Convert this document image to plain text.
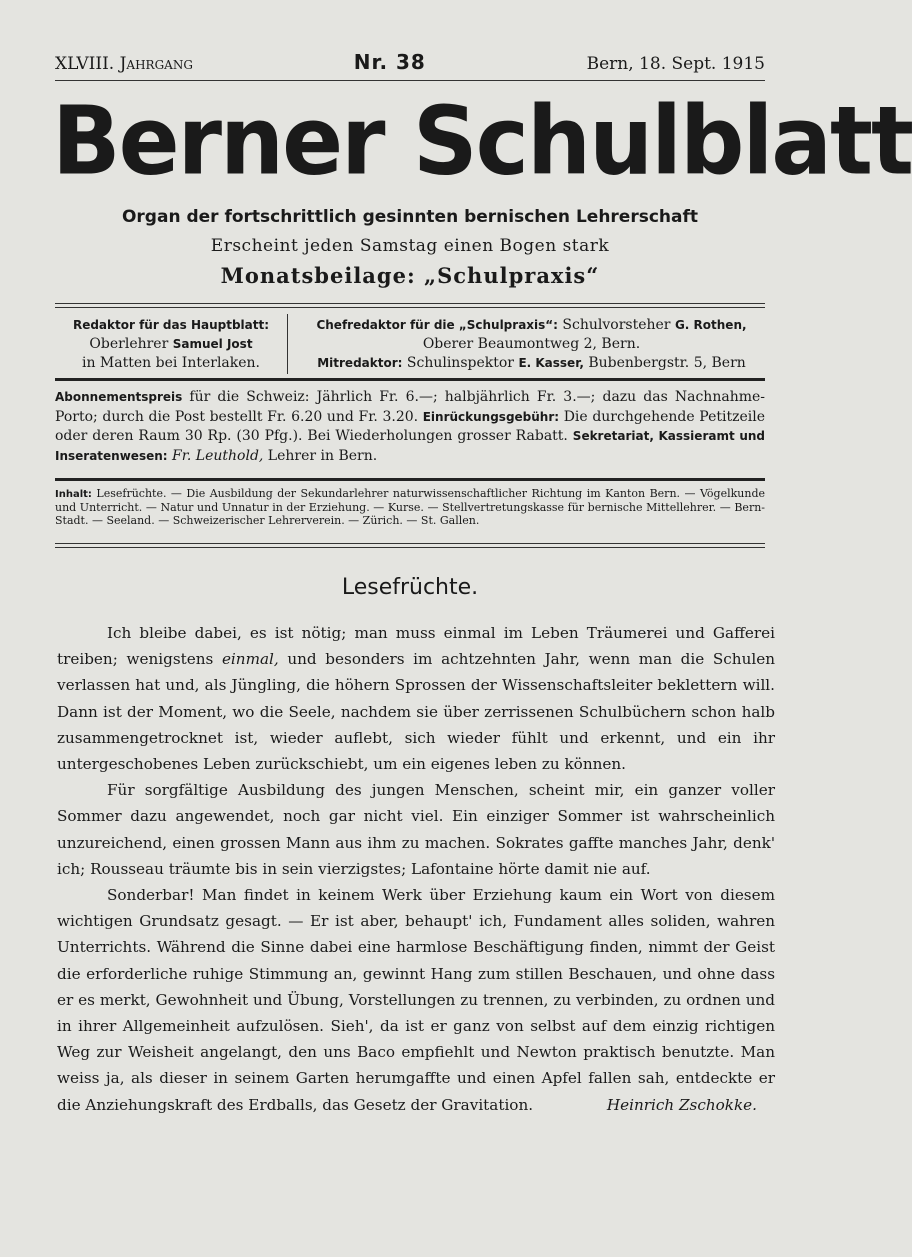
XLVIII. Jahrgang	Nr. 38	Bern, 18. Sept. 1915
Berner Schulblatt
Organ der fortschrittlich gesinnten bernischen Lehrerschaft
Erscheint jeden Samstag einen Bogen stark
Monatsbeilage: „Schulpraxis“
Redaktor für das Hauptblatt:
Oberlehrer Samuel Jost
in Matten bei Interlaken.
Chefredaktor für die „Schulpraxis“: Schulvorsteher G. Rothen,
Oberer Beaumontweg 2, Bern.
Mitredaktor: Schulinspektor E. Kasser, Bubenbergstr. 5, Bern

Abonnementspreis für die Schweiz: Jährlich Fr. 6.—; halbjährlich Fr. 3.—; dazu das Nachnahme-Porto; durch die Post bestellt Fr. 6.20 und Fr. 3.20. Einrückungsgebühr: Die durchgehende Petitzeile oder deren Raum 30 Rp. (30 Pfg.). Bei Wiederholungen grosser Rabatt. Sekretariat, Kassieramt und Inseratenwesen: Fr. Leuthold, Lehrer in Bern.

Inhalt: Lesefrüchte. — Die Ausbildung der Sekundarlehrer naturwissenschaftlicher Richtung im Kanton Bern. — Vögelkunde und Unterricht. — Natur und Unnatur in der Erziehung. — Kurse. — Stellvertretungskasse für bernische Mittellehrer. — Bern-Stadt. — Seeland. — Schweizerischer Lehrerverein. — Zürich. — St. Gallen.

Lesefrüchte.

Ich bleibe dabei, es ist nötig; man muss einmal im Leben Träumerei und Gafferei treiben; wenigstens einmal, und besonders im achtzehnten Jahr, wenn man die Schulen verlassen hat und, als Jüngling, die höhern Sprossen der Wissenschaftsleiter beklettern will. Dann ist der Moment, wo die Seele, nachdem sie über zerrissenen Schulbüchern schon halb zusammengetrocknet ist, wieder auflebt, sich wieder fühlt und erkennt, und ein ihr untergeschobenes Leben zurückschiebt, um ein eigenes leben zu können.

Für sorgfältige Ausbildung des jungen Menschen, scheint mir, ein ganzer voller Sommer dazu angewendet, noch gar nicht viel. Ein einziger Sommer ist wahrscheinlich unzureichend, einen grossen Mann aus ihm zu machen. Sokrates gaffte manches Jahr, denk' ich; Rousseau träumte bis in sein vierzigstes; Lafontaine hörte damit nie auf.

Sonderbar! Man findet in keinem Werk über Erziehung kaum ein Wort von diesem wichtigen Grundsatz gesagt. — Er ist aber, behaupt' ich, Fundament alles soliden, wahren Unterrichts. Während die Sinne dabei eine harmlose Beschäftigung finden, nimmt der Geist die erforderliche ruhige Stimmung an, gewinnt Hang zum stillen Beschauen, und ohne dass er es merkt, Gewohnheit und Übung, Vorstellungen zu trennen, zu verbinden, zu ordnen und in ihrer Allgemeinheit aufzulösen. Sieh', da ist er ganz von selbst auf dem einzig richtigen Weg zur Weisheit angelangt, den uns Baco empfiehlt und Newton praktisch benutzte. Man weiss ja, als dieser in seinem Garten herumgaffte und einen Apfel fallen sah, entdeckte er die Anziehungskraft des Erdballs, das Gesetz der Gravitation.	Heinrich Zschokke.
